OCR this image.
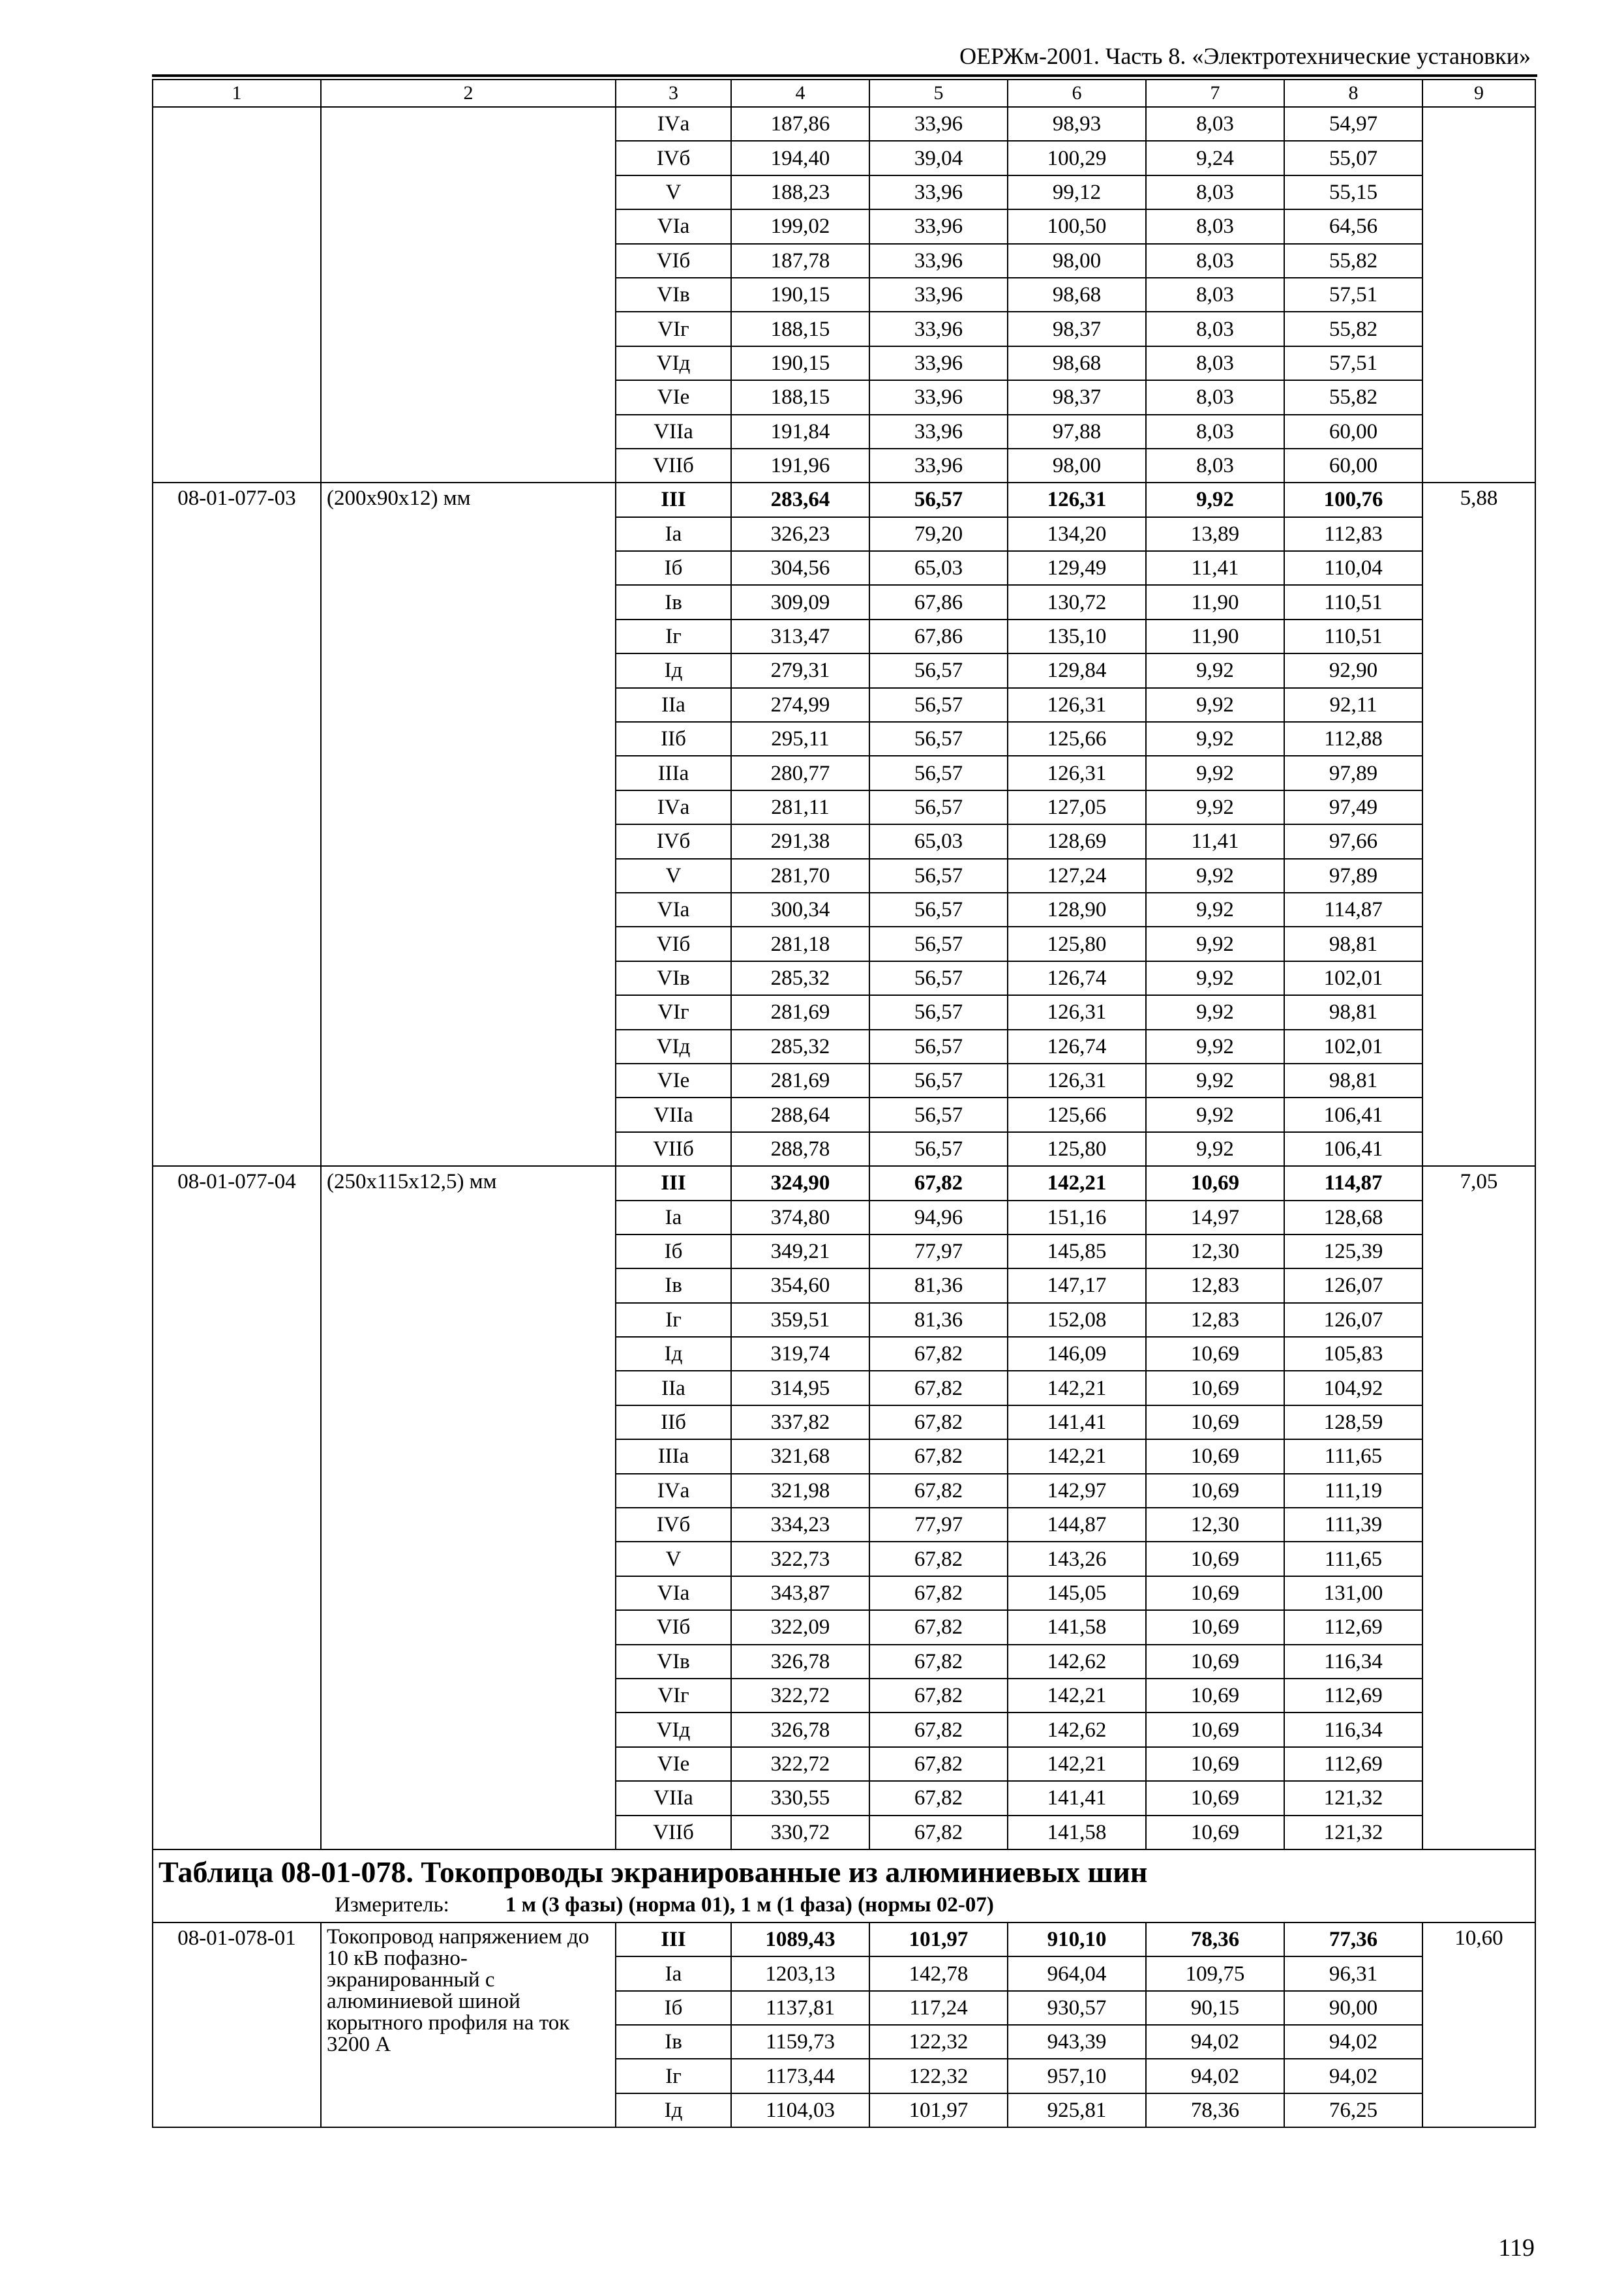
ОЕРЖм-2001. Часть 8. «Электротехнические установки»
1	2	3	4	5	6	7	8	9
		IVа	187,86	33,96	98,93	8,03	54,97	
		IVб	194,40	39,04	100,29	9,24	55,07	
		V	188,23	33,96	99,12	8,03	55,15	
		VIа	199,02	33,96	100,50	8,03	64,56	
		VIб	187,78	33,96	98,00	8,03	55,82	
		VIв	190,15	33,96	98,68	8,03	57,51	
		VIг	188,15	33,96	98,37	8,03	55,82	
		VIд	190,15	33,96	98,68	8,03	57,51	
		VIе	188,15	33,96	98,37	8,03	55,82	
		VIIа	191,84	33,96	97,88	8,03	60,00	
		VIIб	191,96	33,96	98,00	8,03	60,00	
08-01-077-03	(200х90х12) мм	III	283,64	56,57	126,31	9,92	100,76	5,88
		Iа	326,23	79,20	134,20	13,89	112,83	
		Iб	304,56	65,03	129,49	11,41	110,04	
		Iв	309,09	67,86	130,72	11,90	110,51	
		Iг	313,47	67,86	135,10	11,90	110,51	
		Iд	279,31	56,57	129,84	9,92	92,90	
		IIа	274,99	56,57	126,31	9,92	92,11	
		IIб	295,11	56,57	125,66	9,92	112,88	
		IIIа	280,77	56,57	126,31	9,92	97,89	
		IVа	281,11	56,57	127,05	9,92	97,49	
		IVб	291,38	65,03	128,69	11,41	97,66	
		V	281,70	56,57	127,24	9,92	97,89	
		VIа	300,34	56,57	128,90	9,92	114,87	
		VIб	281,18	56,57	125,80	9,92	98,81	
		VIв	285,32	56,57	126,74	9,92	102,01	
		VIг	281,69	56,57	126,31	9,92	98,81	
		VIд	285,32	56,57	126,74	9,92	102,01	
		VIе	281,69	56,57	126,31	9,92	98,81	
		VIIа	288,64	56,57	125,66	9,92	106,41	
		VIIб	288,78	56,57	125,80	9,92	106,41	
08-01-077-04	(250х115х12,5) мм	III	324,90	67,82	142,21	10,69	114,87	7,05
		Iа	374,80	94,96	151,16	14,97	128,68	
		Iб	349,21	77,97	145,85	12,30	125,39	
		Iв	354,60	81,36	147,17	12,83	126,07	
		Iг	359,51	81,36	152,08	12,83	126,07	
		Iд	319,74	67,82	146,09	10,69	105,83	
		IIа	314,95	67,82	142,21	10,69	104,92	
		IIб	337,82	67,82	141,41	10,69	128,59	
		IIIа	321,68	67,82	142,21	10,69	111,65	
		IVа	321,98	67,82	142,97	10,69	111,19	
		IVб	334,23	77,97	144,87	12,30	111,39	
		V	322,73	67,82	143,26	10,69	111,65	
		VIа	343,87	67,82	145,05	10,69	131,00	
		VIб	322,09	67,82	141,58	10,69	112,69	
		VIв	326,78	67,82	142,62	10,69	116,34	
		VIг	322,72	67,82	142,21	10,69	112,69	
		VIд	326,78	67,82	142,62	10,69	116,34	
		VIе	322,72	67,82	142,21	10,69	112,69	
		VIIа	330,55	67,82	141,41	10,69	121,32	
		VIIб	330,72	67,82	141,58	10,69	121,32	

Таблица 08-01-078. Токопроводы экранированные из алюминиевых шин
Измеритель: 1 м (3 фазы) (норма 01), 1 м (1 фаза) (нормы 02-07)								

08-01-078-01	Токопровод напряжением до 10 кВ пофазно-экранированный с алюминиевой шиной корытного профиля на ток 3200 А	III	1089,43	101,97	910,10	78,36	77,36	10,60
		Iа	1203,13	142,78	964,04	109,75	96,31	
		Iб	1137,81	117,24	930,57	90,15	90,00	
		Iв	1159,73	122,32	943,39	94,02	94,02	
		Iг	1173,44	122,32	957,10	94,02	94,02	
		Iд	1104,03	101,97	925,81	78,36	76,25	
119
